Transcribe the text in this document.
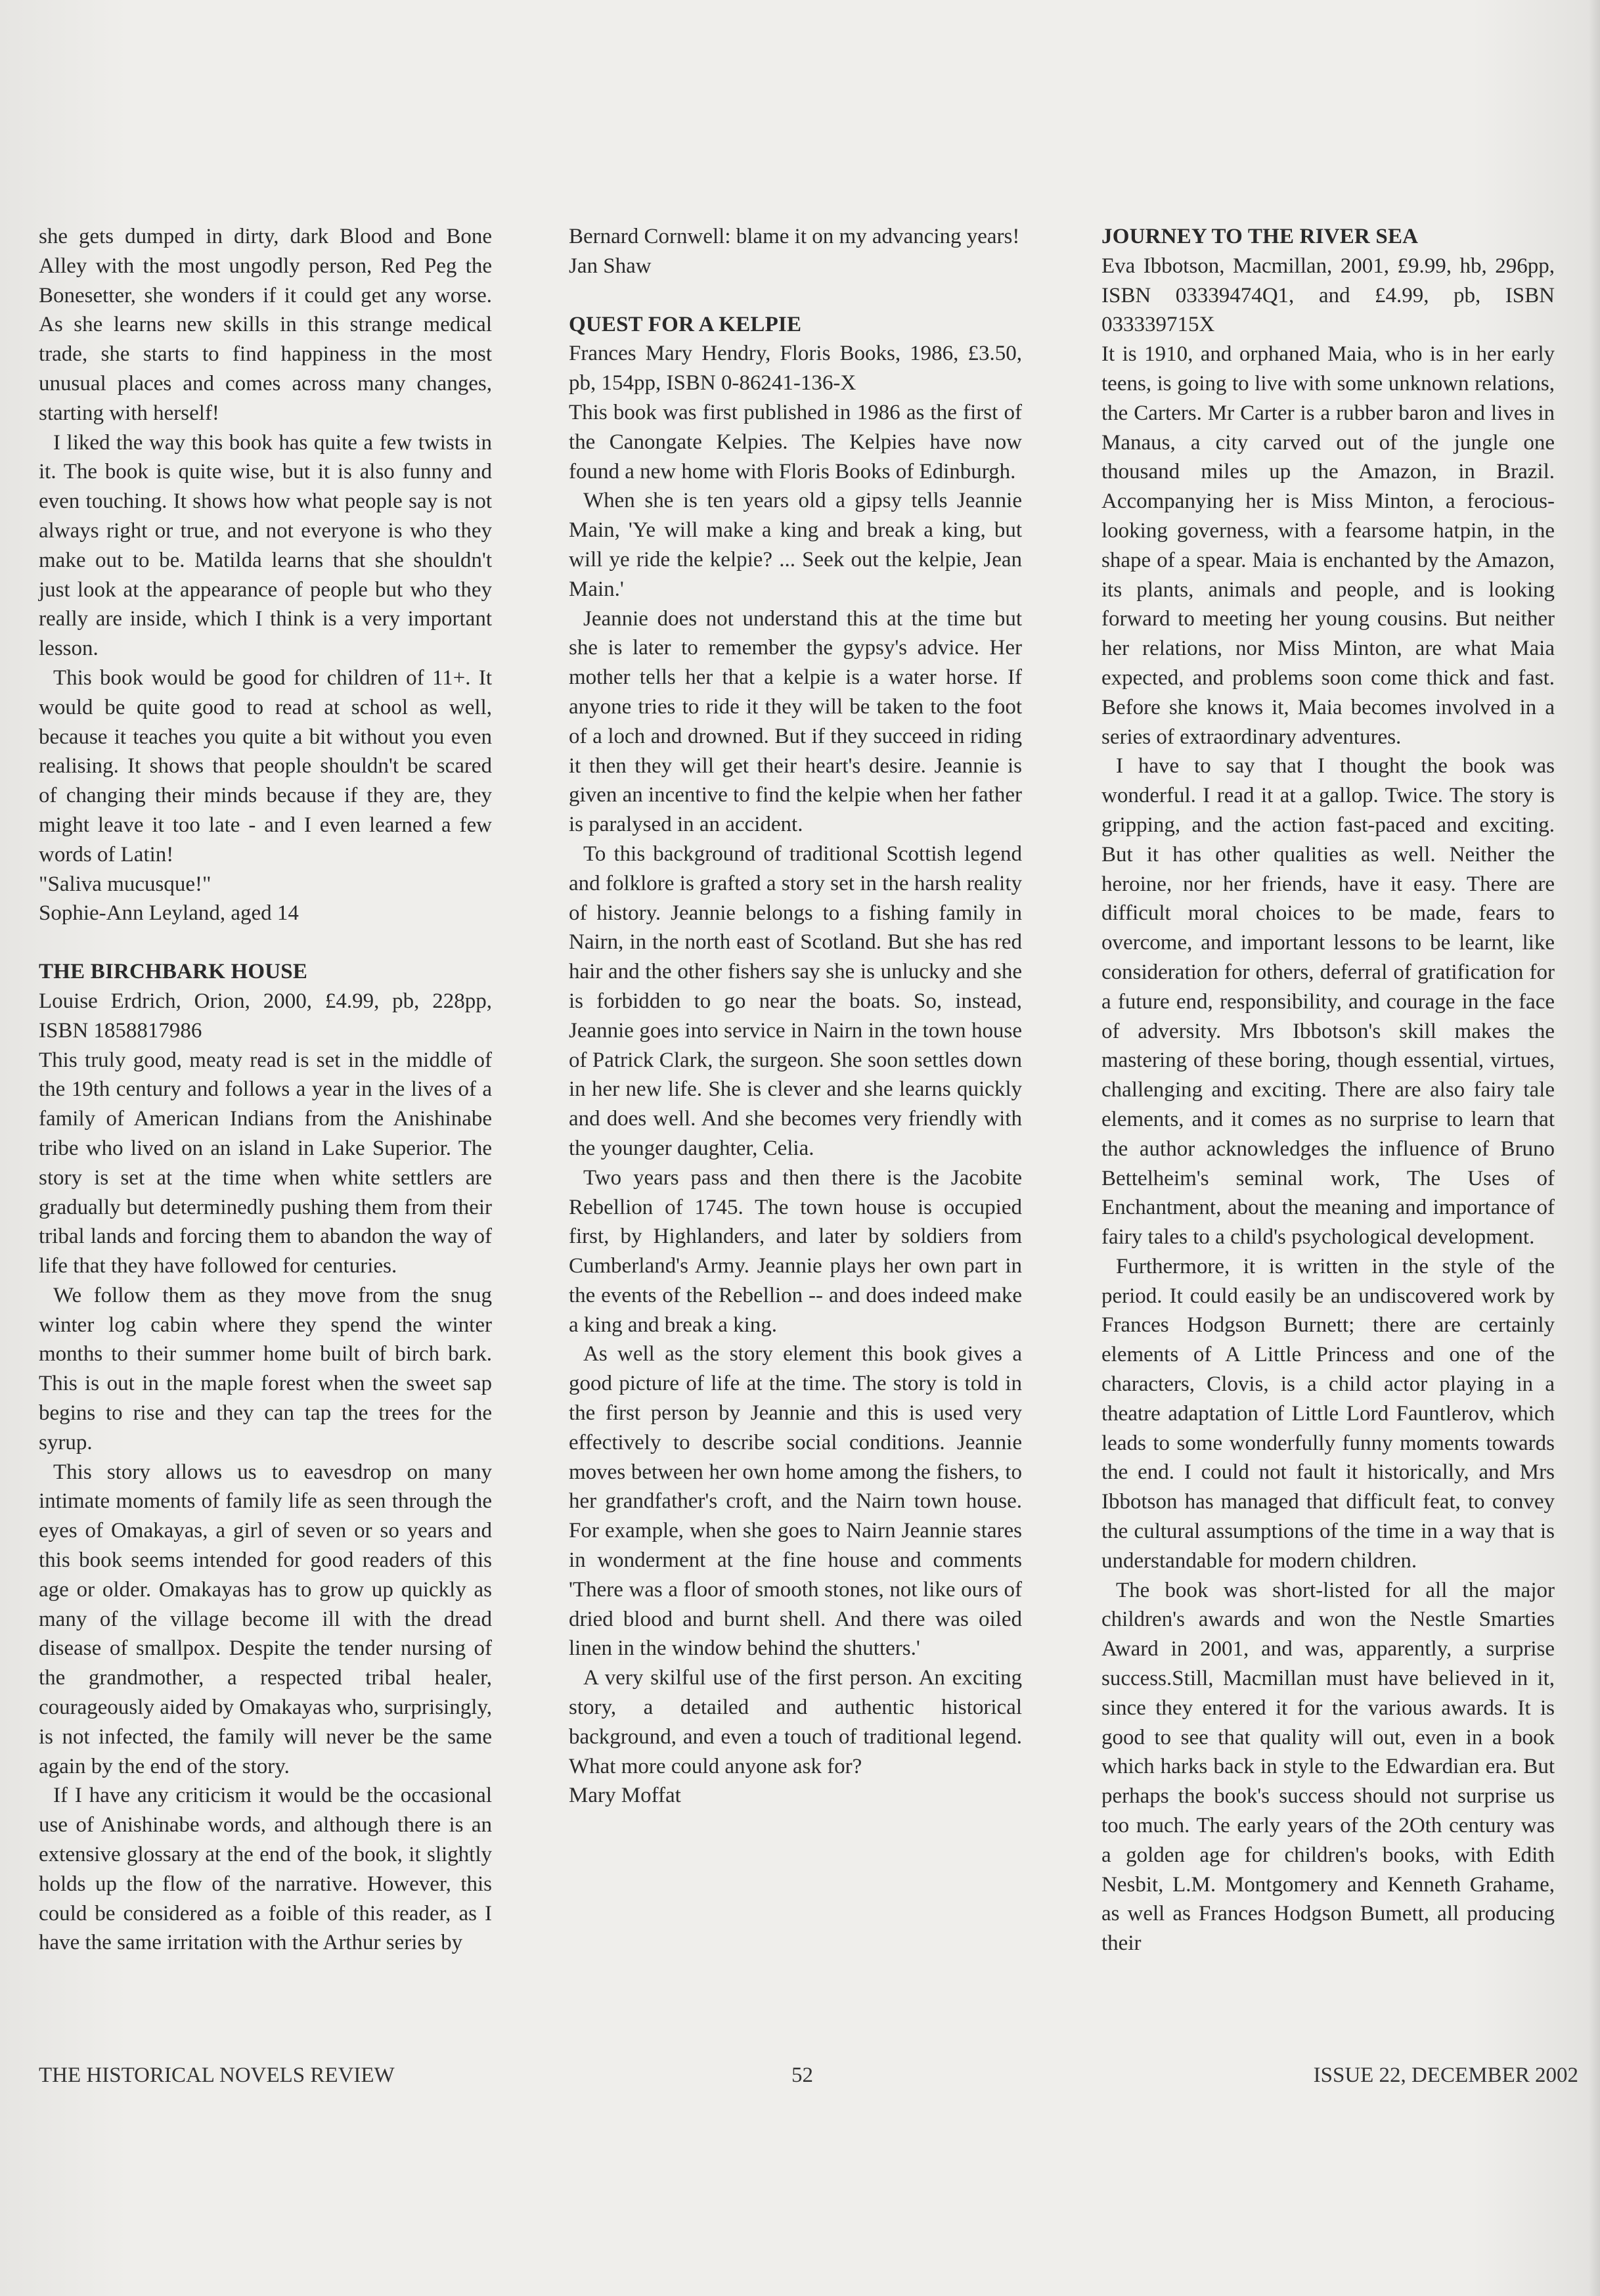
she gets dumped in dirty, dark Blood and Bone Alley with the most ungodly person, Red Peg the Bonesetter, she wonders if it could get any worse. As she learns new skills in this strange medical trade, she starts to find happiness in the most unusual places and comes across many changes, starting with herself!

I liked the way this book has quite a few twists in it. The book is quite wise, but it is also funny and even touching. It shows how what people say is not always right or true, and not everyone is who they make out to be. Matilda learns that she shouldn't just look at the appearance of people but who they really are inside, which I think is a very important lesson.

This book would be good for children of 11+. It would be quite good to read at school as well, because it teaches you quite a bit without you even realising. It shows that people shouldn't be scared of changing their minds because if they are, they might leave it too late - and I even learned a few words of Latin!

"Saliva mucusque!"

Sophie-Ann Leyland, aged 14

THE BIRCHBARK HOUSE

Louise Erdrich, Orion, 2000, £4.99, pb, 228pp, ISBN 1858817986

This truly good, meaty read is set in the middle of the 19th century and follows a year in the lives of a family of American Indians from the Anishinabe tribe who lived on an island in Lake Superior. The story is set at the time when white settlers are gradually but determinedly pushing them from their tribal lands and forcing them to abandon the way of life that they have followed for centuries.

We follow them as they move from the snug winter log cabin where they spend the winter months to their summer home built of birch bark. This is out in the maple forest when the sweet sap begins to rise and they can tap the trees for the syrup.

This story allows us to eavesdrop on many intimate moments of family life as seen through the eyes of Omakayas, a girl of seven or so years and this book seems intended for good readers of this age or older. Omakayas has to grow up quickly as many of the village become ill with the dread disease of smallpox. Despite the tender nursing of the grandmother, a respected tribal healer, courageously aided by Omakayas who, surprisingly, is not infected, the family will never be the same again by the end of the story.

If I have any criticism it would be the occasional use of Anishinabe words, and although there is an extensive glossary at the end of the book, it slightly holds up the flow of the narrative. However, this could be considered as a foible of this reader, as I have the same irritation with the Arthur series by

Bernard Cornwell: blame it on my advancing years!

Jan Shaw

QUEST FOR A KELPIE

Frances Mary Hendry, Floris Books, 1986, £3.50, pb, 154pp, ISBN 0-86241-136-X

This book was first published in 1986 as the first of the Canongate Kelpies. The Kelpies have now found a new home with Floris Books of Edinburgh.

When she is ten years old a gipsy tells Jeannie Main, 'Ye will make a king and break a king, but will ye ride the kelpie? ... Seek out the kelpie, Jean Main.'

Jeannie does not understand this at the time but she is later to remember the gypsy's advice. Her mother tells her that a kelpie is a water horse. If anyone tries to ride it they will be taken to the foot of a loch and drowned. But if they succeed in riding it then they will get their heart's desire. Jeannie is given an incentive to find the kelpie when her father is paralysed in an accident.

To this background of traditional Scottish legend and folklore is grafted a story set in the harsh reality of history. Jeannie belongs to a fishing family in Nairn, in the north east of Scotland. But she has red hair and the other fishers say she is unlucky and she is forbidden to go near the boats. So, instead, Jeannie goes into service in Nairn in the town house of Patrick Clark, the surgeon. She soon settles down in her new life. She is clever and she learns quickly and does well. And she becomes very friendly with the younger daughter, Celia.

Two years pass and then there is the Jacobite Rebellion of 1745. The town house is occupied first, by Highlanders, and later by soldiers from Cumberland's Army. Jeannie plays her own part in the events of the Rebellion -- and does indeed make a king and break a king.

As well as the story element this book gives a good picture of life at the time. The story is told in the first person by Jeannie and this is used very effectively to describe social conditions. Jeannie moves between her own home among the fishers, to her grandfather's croft, and the Nairn town house. For example, when she goes to Nairn Jeannie stares in wonderment at the fine house and comments 'There was a floor of smooth stones, not like ours of dried blood and burnt shell. And there was oiled linen in the window behind the shutters.'

A very skilful use of the first person. An exciting story, a detailed and authentic historical background, and even a touch of traditional legend. What more could anyone ask for?

Mary Moffat

JOURNEY TO THE RIVER SEA

Eva Ibbotson, Macmillan, 2001, £9.99, hb, 296pp, ISBN 03339474Q1, and £4.99, pb, ISBN 033339715X

It is 1910, and orphaned Maia, who is in her early teens, is going to live with some unknown relations, the Carters. Mr Carter is a rubber baron and lives in Manaus, a city carved out of the jungle one thousand miles up the Amazon, in Brazil. Accompanying her is Miss Minton, a ferocious-looking governess, with a fearsome hatpin, in the shape of a spear. Maia is enchanted by the Amazon, its plants, animals and people, and is looking forward to meeting her young cousins. But neither her relations, nor Miss Minton, are what Maia expected, and problems soon come thick and fast. Before she knows it, Maia becomes involved in a series of extraordinary adventures.

I have to say that I thought the book was wonderful. I read it at a gallop. Twice. The story is gripping, and the action fast-paced and exciting. But it has other qualities as well. Neither the heroine, nor her friends, have it easy. There are difficult moral choices to be made, fears to overcome, and important lessons to be learnt, like consideration for others, deferral of gratification for a future end, responsibility, and courage in the face of adversity. Mrs Ibbotson's skill makes the mastering of these boring, though essential, virtues, challenging and exciting. There are also fairy tale elements, and it comes as no surprise to learn that the author acknowledges the influence of Bruno Bettelheim's seminal work, The Uses of Enchantment, about the meaning and importance of fairy tales to a child's psychological development.

Furthermore, it is written in the style of the period. It could easily be an undiscovered work by Frances Hodgson Burnett; there are certainly elements of A Little Princess and one of the characters, Clovis, is a child actor playing in a theatre adaptation of Little Lord Fauntlerov, which leads to some wonderfully funny moments towards the end. I could not fault it historically, and Mrs Ibbotson has managed that difficult feat, to convey the cultural assumptions of the time in a way that is understandable for modern children.

The book was short-listed for all the major children's awards and won the Nestle Smarties Award in 2001, and was, apparently, a surprise success.Still, Macmillan must have believed in it, since they entered it for the various awards. It is good to see that quality will out, even in a book which harks back in style to the Edwardian era. But perhaps the book's success should not surprise us too much. The early years of the 2Oth century was a golden age for children's books, with Edith Nesbit, L.M. Montgomery and Kenneth Grahame, as well as Frances Hodgson Bumett, all producing their

THE HISTORICAL NOVELS REVIEW	52	ISSUE 22, DECEMBER 2002
